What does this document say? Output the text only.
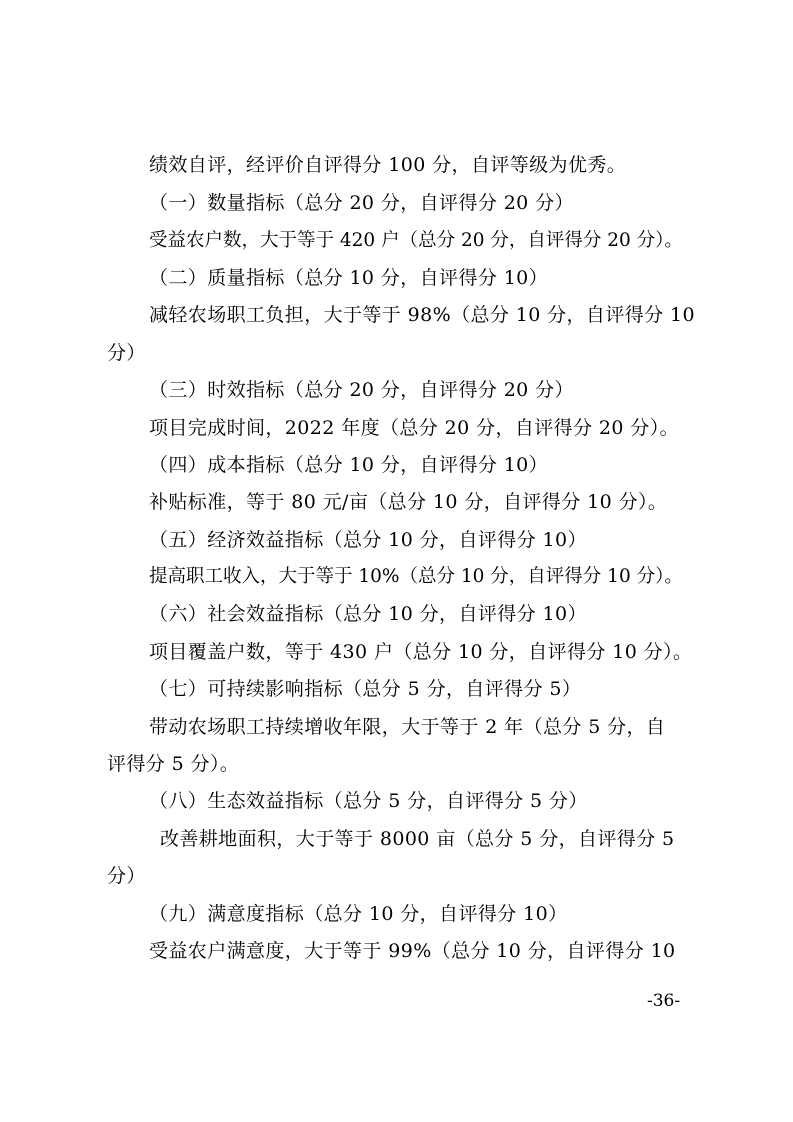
绩效自评，经评价自评得分 100 分，自评等级为优秀。
（一）数量指标（总分 20 分，自评得分 20 分）
受益农户数，大于等于 420 户（总分 20 分，自评得分 20 分）。
（二）质量指标（总分 10 分，自评得分 10）
减轻农场职工负担，大于等于 98%（总分 10 分，自评得分 10
分）
（三）时效指标（总分 20 分，自评得分 20 分）
项目完成时间，2022 年度（总分 20 分，自评得分 20 分）。
（四）成本指标（总分 10 分，自评得分 10）
补贴标准，等于 80 元/亩（总分 10 分，自评得分 10 分）。
（五）经济效益指标（总分 10 分，自评得分 10）
提高职工收入，大于等于 10%（总分 10 分，自评得分 10 分）。
（六）社会效益指标（总分 10 分，自评得分 10）
项目覆盖户数，等于 430 户（总分 10 分，自评得分 10 分）。
（七）可持续影响指标（总分 5 分，自评得分 5）
带动农场职工持续增收年限，大于等于 2 年（总分 5 分，自
评得分 5 分）。
（八）生态效益指标（总分 5 分，自评得分 5 分）
改善耕地面积，大于等于 8000 亩（总分 5 分，自评得分 5
分）
（九）满意度指标（总分 10 分，自评得分 10）
受益农户满意度，大于等于 99%（总分 10 分，自评得分 10
-36-
